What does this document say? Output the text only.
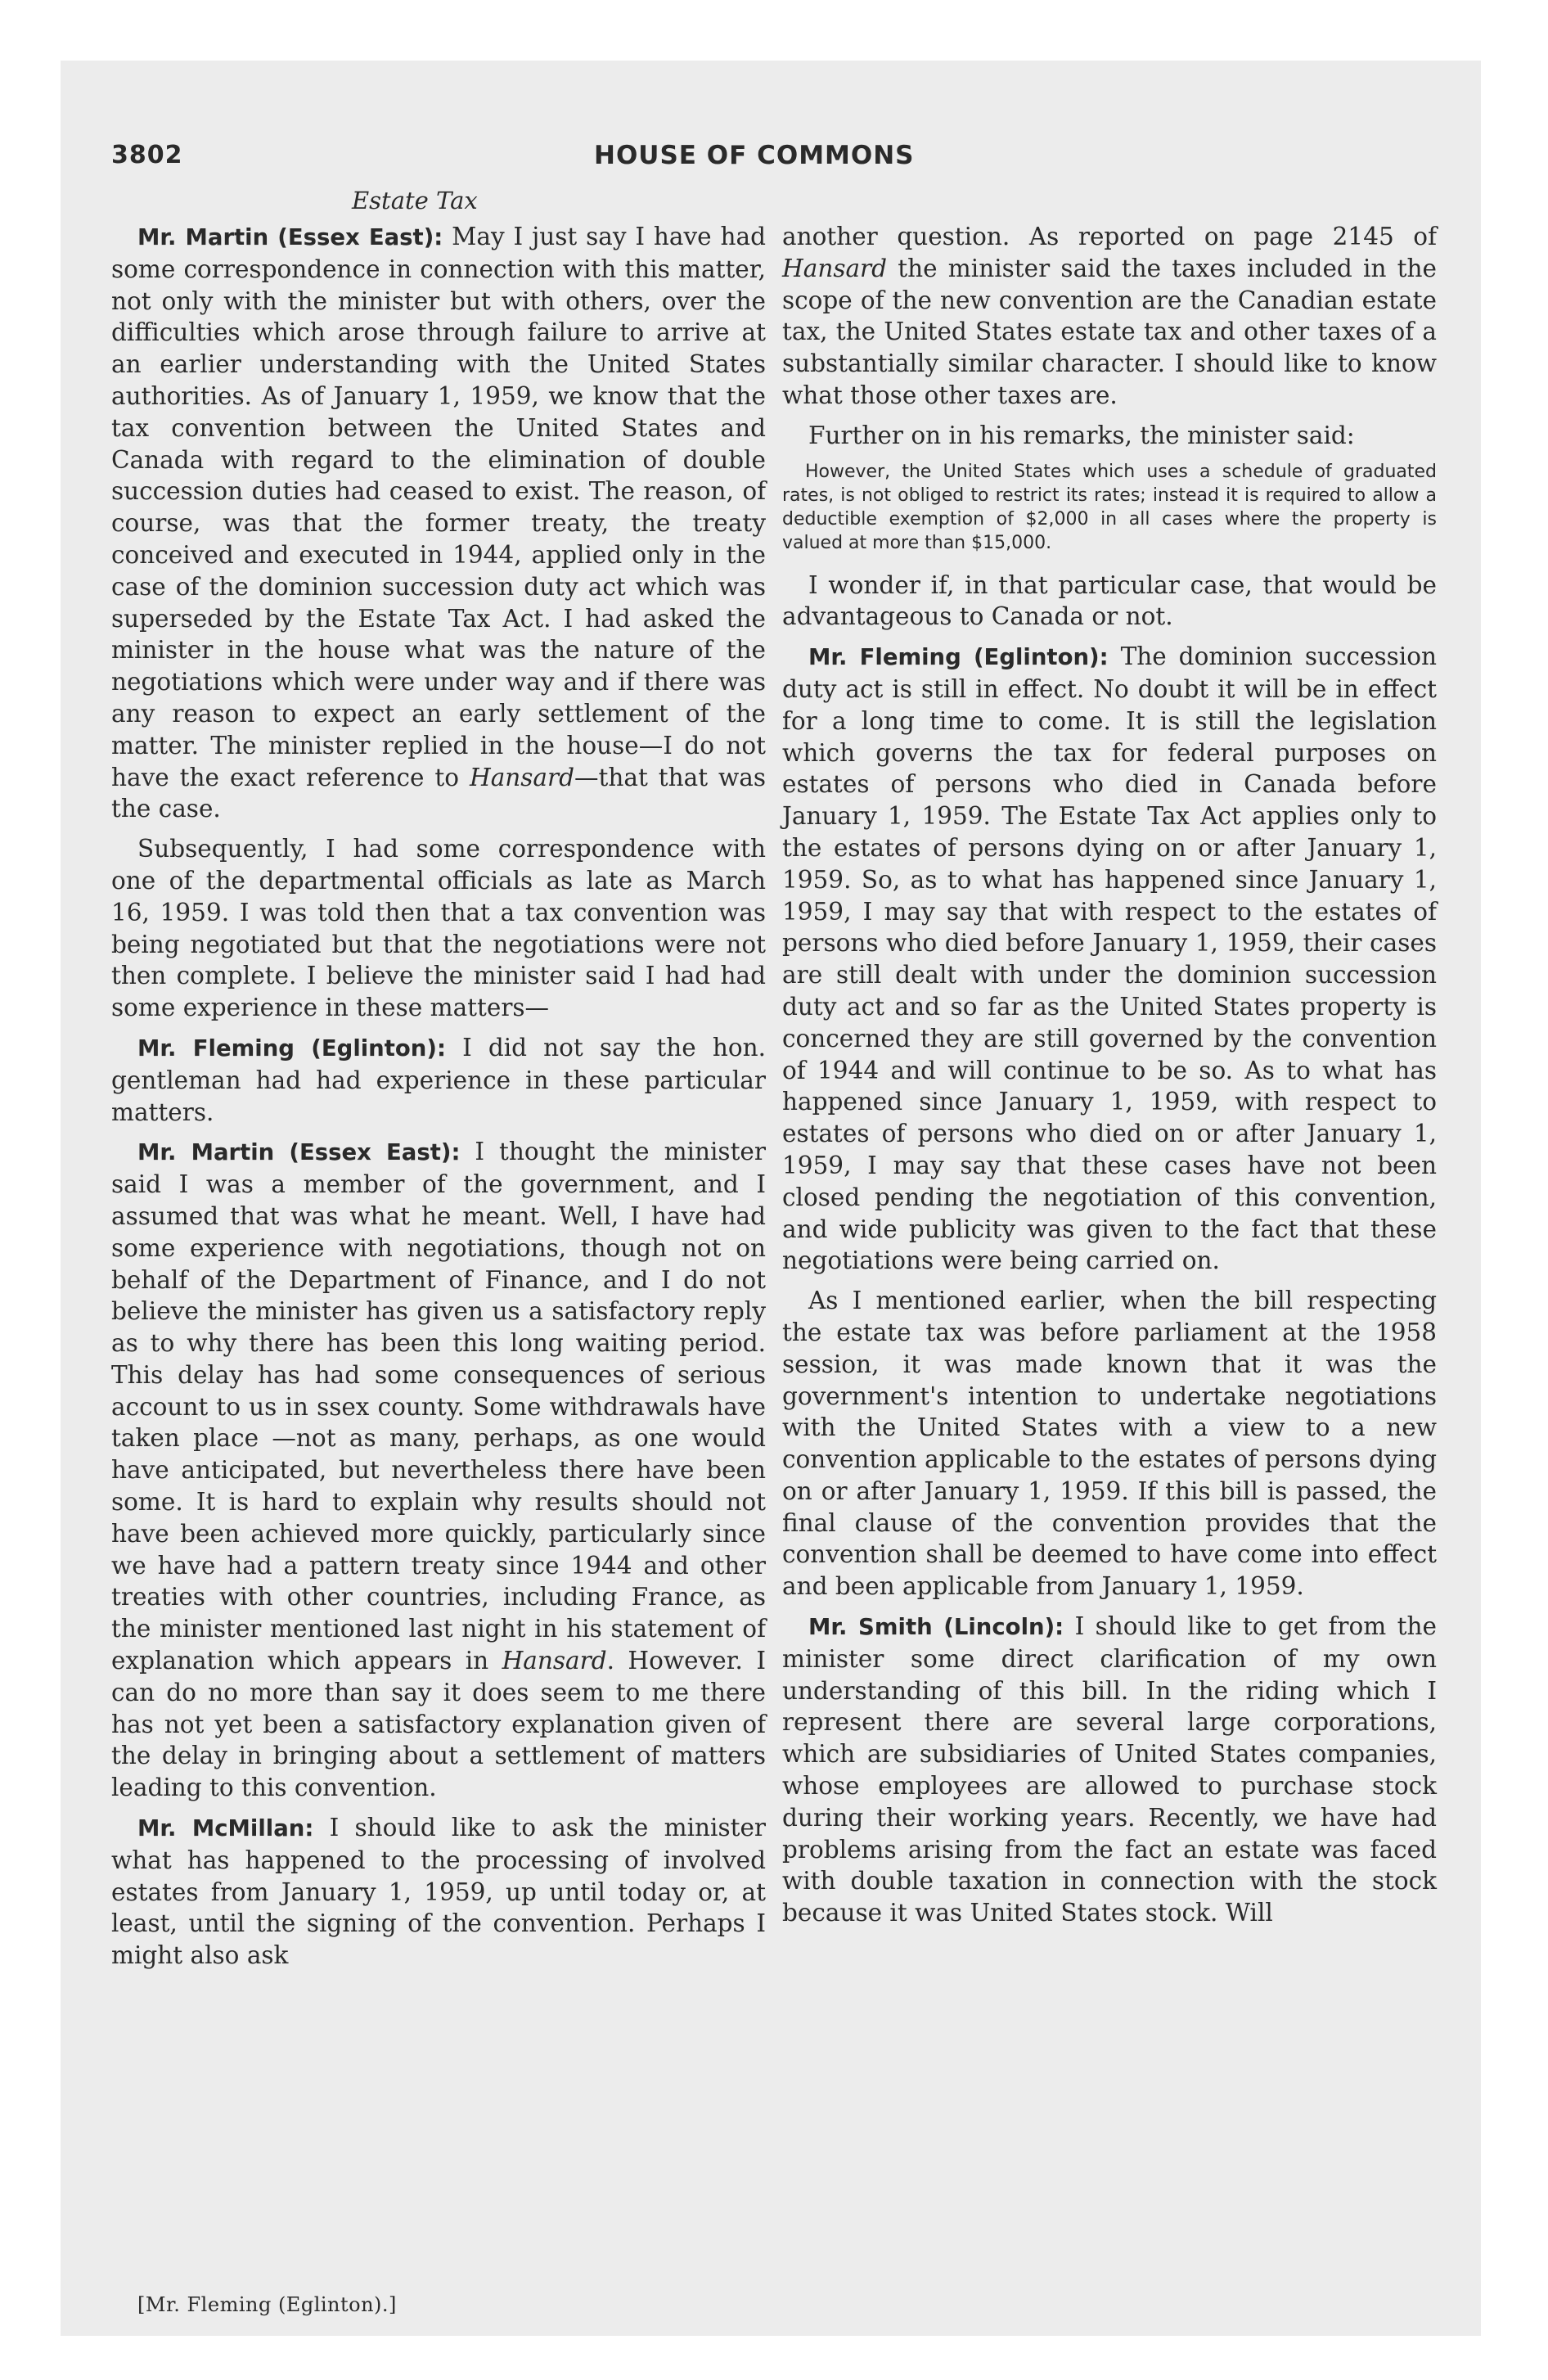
3802	HOUSE OF COMMONS
Estate Tax

Mr. Martin (Essex East): May I just say I have had some correspondence in connection with this matter, not only with the minister but with others, over the difficulties which arose through failure to arrive at an earlier understanding with the United States authorities. As of January 1, 1959, we know that the tax convention between the United States and Canada with regard to the elimination of double succession duties had ceased to exist. The reason, of course, was that the former treaty, the treaty conceived and executed in 1944, applied only in the case of the dominion succession duty act which was superseded by the Estate Tax Act. I had asked the minister in the house what was the nature of the negotiations which were under way and if there was any reason to expect an early settlement of the matter. The minister replied in the house—I do not have the exact reference to Hansard—that that was the case.

Subsequently, I had some correspondence with one of the departmental officials as late as March 16, 1959. I was told then that a tax convention was being negotiated but that the negotiations were not then complete. I believe the minister said I had had some experience in these matters—

Mr. Fleming (Eglinton): I did not say the hon. gentleman had had experience in these particular matters.

Mr. Martin (Essex East): I thought the minister said I was a member of the government, and I assumed that was what he meant. Well, I have had some experience with negotiations, though not on behalf of the Department of Finance, and I do not believe the minister has given us a satisfactory reply as to why there has been this long waiting period. This delay has had some consequences of serious account to us in ssex county. Some withdrawals have taken place —not as many, perhaps, as one would have anticipated, but nevertheless there have been some. It is hard to explain why results should not have been achieved more quickly, particularly since we have had a pattern treaty since 1944 and other treaties with other countries, including France, as the minister mentioned last night in his statement of explanation which appears in Hansard. However. I can do no more than say it does seem to me there has not yet been a satisfactory explanation given of the delay in bringing about a settlement of matters leading to this convention.

Mr. McMillan: I should like to ask the minister what has happened to the processing of involved estates from January 1, 1959, up until today or, at least, until the signing of the convention. Perhaps I might also ask

another question. As reported on page 2145 of Hansard the minister said the taxes included in the scope of the new convention are the Canadian estate tax, the United States estate tax and other taxes of a substantially similar character. I should like to know what those other taxes are.

Further on in his remarks, the minister said:

However, the United States which uses a schedule of graduated rates, is not obliged to restrict its rates; instead it is required to allow a deductible exemption of $2,000 in all cases where the property is valued at more than $15,000.

I wonder if, in that particular case, that would be advantageous to Canada or not.

Mr. Fleming (Eglinton): The dominion succession duty act is still in effect. No doubt it will be in effect for a long time to come. It is still the legislation which governs the tax for federal purposes on estates of persons who died in Canada before January 1, 1959. The Estate Tax Act applies only to the estates of persons dying on or after January 1, 1959. So, as to what has happened since January 1, 1959, I may say that with respect to the estates of persons who died before January 1, 1959, their cases are still dealt with under the dominion succession duty act and so far as the United States property is concerned they are still governed by the convention of 1944 and will continue to be so. As to what has happened since January 1, 1959, with respect to estates of persons who died on or after January 1, 1959, I may say that these cases have not been closed pending the negotiation of this convention, and wide publicity was given to the fact that these negotiations were being carried on.

As I mentioned earlier, when the bill respecting the estate tax was before parliament at the 1958 session, it was made known that it was the government's intention to undertake negotiations with the United States with a view to a new convention applicable to the estates of persons dying on or after January 1, 1959. If this bill is passed, the final clause of the convention provides that the convention shall be deemed to have come into effect and been applicable from January 1, 1959.

Mr. Smith (Lincoln): I should like to get from the minister some direct clarification of my own understanding of this bill. In the riding which I represent there are several large corporations, which are subsidiaries of United States companies, whose employees are allowed to purchase stock during their working years. Recently, we have had problems arising from the fact an estate was faced with double taxation in connection with the stock because it was United States stock. Will

[Mr. Fleming (Eglinton).]
